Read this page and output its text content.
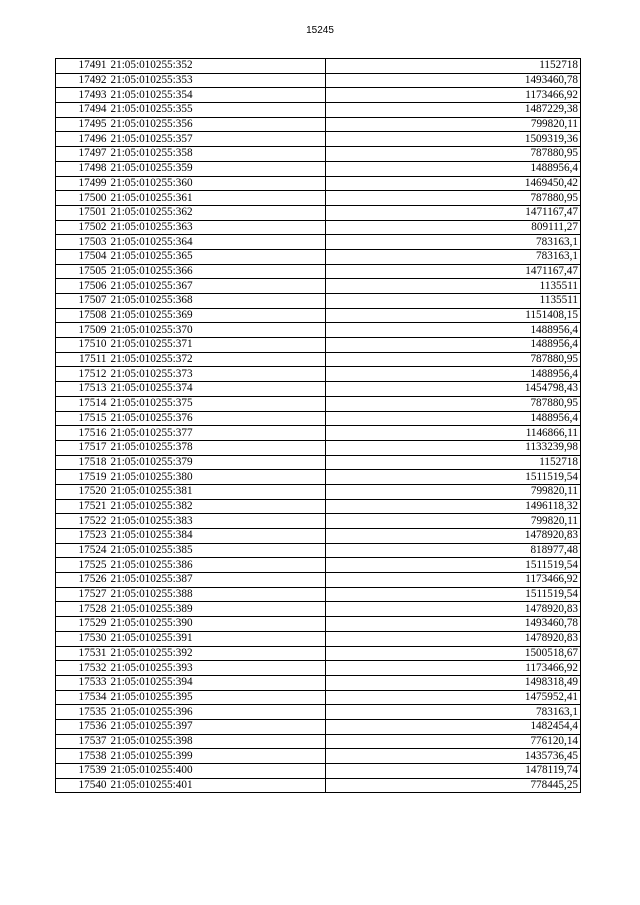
15245
17491	21:05:010255:352	1152718
17492	21:05:010255:353	1493460,78
17493	21:05:010255:354	1173466,92
17494	21:05:010255:355	1487229,38
17495	21:05:010255:356	799820,11
17496	21:05:010255:357	1509319,36
17497	21:05:010255:358	787880,95
17498	21:05:010255:359	1488956,4
17499	21:05:010255:360	1469450,42
17500	21:05:010255:361	787880,95
17501	21:05:010255:362	1471167,47
17502	21:05:010255:363	809111,27
17503	21:05:010255:364	783163,1
17504	21:05:010255:365	783163,1
17505	21:05:010255:366	1471167,47
17506	21:05:010255:367	1135511
17507	21:05:010255:368	1135511
17508	21:05:010255:369	1151408,15
17509	21:05:010255:370	1488956,4
17510	21:05:010255:371	1488956,4
17511	21:05:010255:372	787880,95
17512	21:05:010255:373	1488956,4
17513	21:05:010255:374	1454798,43
17514	21:05:010255:375	787880,95
17515	21:05:010255:376	1488956,4
17516	21:05:010255:377	1146866,11
17517	21:05:010255:378	1133239,98
17518	21:05:010255:379	1152718
17519	21:05:010255:380	1511519,54
17520	21:05:010255:381	799820,11
17521	21:05:010255:382	1496118,32
17522	21:05:010255:383	799820,11
17523	21:05:010255:384	1478920,83
17524	21:05:010255:385	818977,48
17525	21:05:010255:386	1511519,54
17526	21:05:010255:387	1173466,92
17527	21:05:010255:388	1511519,54
17528	21:05:010255:389	1478920,83
17529	21:05:010255:390	1493460,78
17530	21:05:010255:391	1478920,83
17531	21:05:010255:392	1500518,67
17532	21:05:010255:393	1173466,92
17533	21:05:010255:394	1498318,49
17534	21:05:010255:395	1475952,41
17535	21:05:010255:396	783163,1
17536	21:05:010255:397	1482454,4
17537	21:05:010255:398	776120,14
17538	21:05:010255:399	1435736,45
17539	21:05:010255:400	1478119,74
17540	21:05:010255:401	778445,25
